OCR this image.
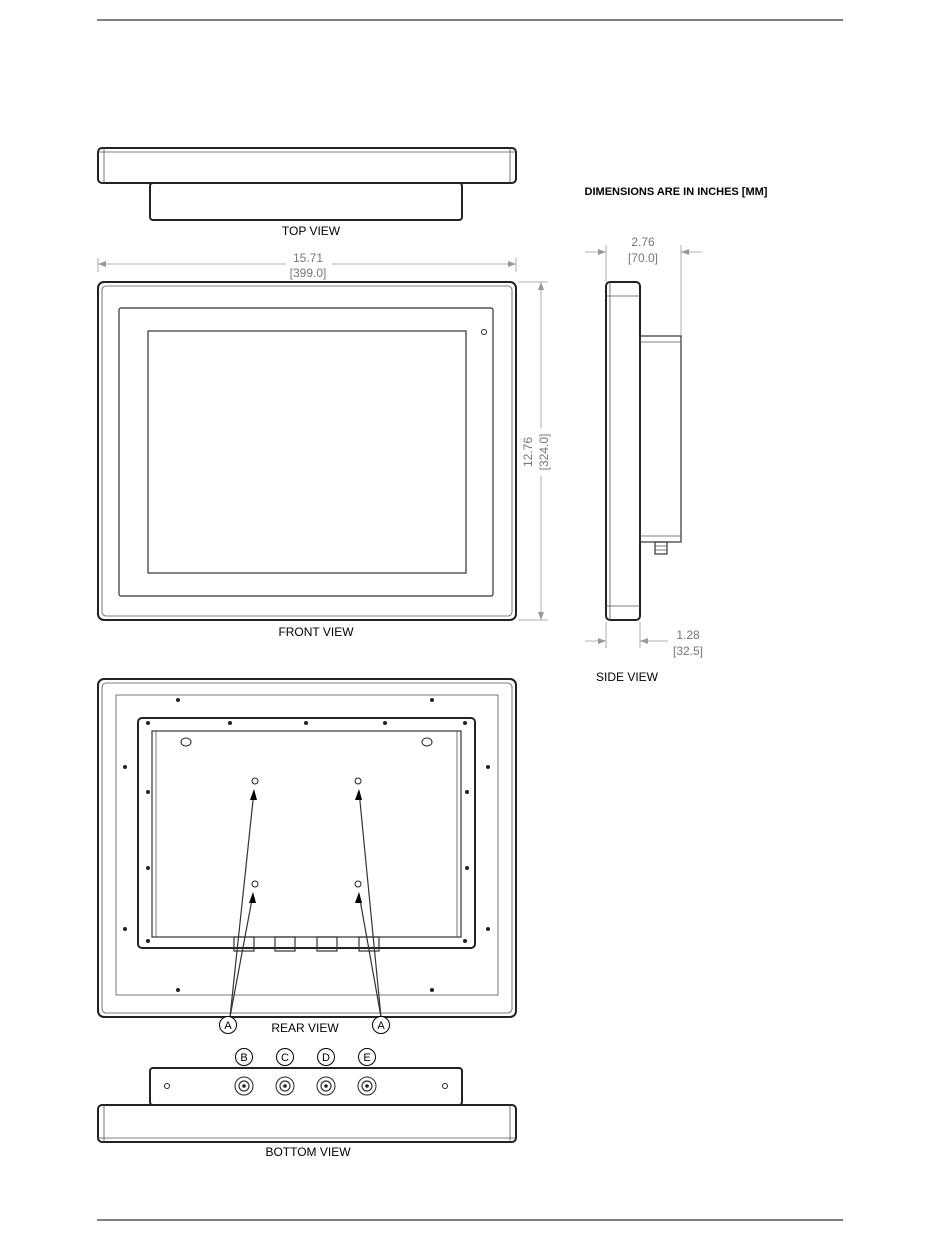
TOP VIEW
DIMENSIONS ARE IN INCHES [MM]
15.71
[399.0]
12.76 [324.0]
FRONT VIEW
2.76
[70.0]
1.28
[32.5]
SIDE VIEW
A	A
REAR VIEW
B	C	D	E
BOTTOM VIEW
